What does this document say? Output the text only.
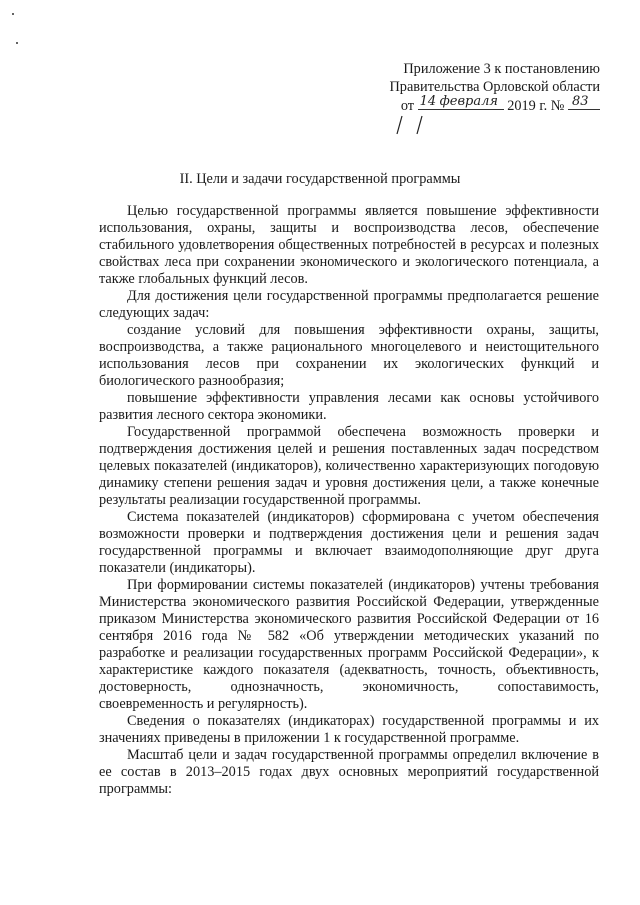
Приложение 3 к постановлению
Правительства Орловской области
от 14 февраля 2019 г. № 83
II. Цели и задачи государственной программы

Целью государственной программы является повышение эффективности использования, охраны, защиты и воспроизводства лесов, обеспечение стабильного удовлетворения общественных потребностей в ресурсах и полезных свойствах леса при сохранении экономического и экологического потенциала, а также глобальных функций лесов.

Для достижения цели государственной программы предполагается решение следующих задач:

создание условий для повышения эффективности охраны, защиты, воспроизводства, а также рационального многоцелевого и неистощительного использования лесов при сохранении их экологических функций и биологического разнообразия;

повышение эффективности управления лесами как основы устойчивого развития лесного сектора экономики.

Государственной программой обеспечена возможность проверки и подтверждения достижения целей и решения поставленных задач посредством целевых показателей (индикаторов), количественно характеризующих погодовую динамику степени решения задач и уровня достижения цели, а также конечные результаты реализации государственной программы.

Система показателей (индикаторов) сформирована с учетом обеспечения возможности проверки и подтверждения достижения цели и решения задач государственной программы и включает взаимодополняющие друг друга показатели (индикаторы).

При формировании системы показателей (индикаторов) учтены требования Министерства экономического развития Российской Федерации, утвержденные приказом Министерства экономического развития Российской Федерации от 16 сентября 2016 года № 582 «Об утверждении методических указаний по разработке и реализации государственных программ Российской Федерации», к характеристике каждого показателя (адекватность, точность, объективность, достоверность, однозначность, экономичность, сопоставимость, своевременность и регулярность).

Сведения о показателях (индикаторах) государственной программы и их значениях приведены в приложении 1 к государственной программе.

Масштаб цели и задач государственной программы определил включение в ее состав в 2013–2015 годах двух основных мероприятий государственной программы:
